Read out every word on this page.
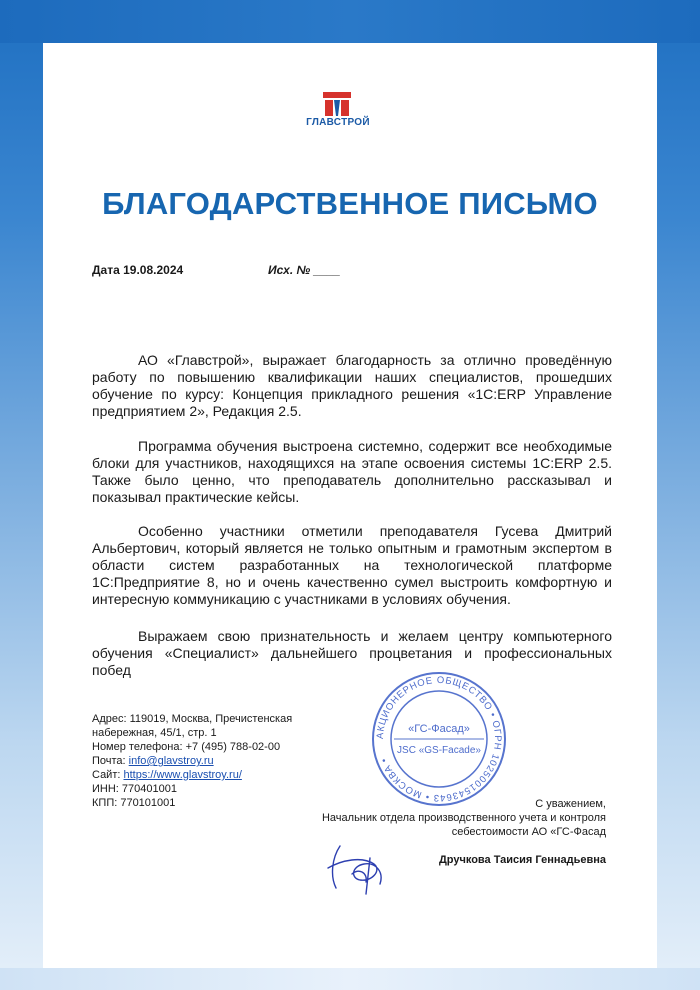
ГЛАВСТРОЙ
БЛАГОДАРСТВЕННОЕ ПИСЬМО
Дата 19.08.2024	Исх. № ____
АО «Главстрой», выражает благодарность за отлично проведённую работу по повышению квалификации наших специалистов, прошедших обучение по курсу: Концепция прикладного решения «1С:ERP Управление предприятием 2», Редакция 2.5.
Программа обучения выстроена системно, содержит все необходимые блоки для участников, находящихся на этапе освоения системы 1С:ERP 2.5. Также было ценно, что преподаватель дополнительно рассказывал и показывал практические кейсы.
Особенно участники отметили преподавателя Гусева Дмитрий Альбертович, который является не только опытным и грамотным экспертом в области систем разработанных на технологической платформе 1С:Предприятие 8, но и очень качественно сумел выстроить комфортную и интересную коммуникацию с участниками в условиях обучения.
Выражаем свою признательность и желаем центру компьютерного обучения «Специалист» дальнейшего процветания и профессиональных побед
Адрес: 119019, Москва, Пречистенская
набережная, 45/1, стр. 1
Номер телефона: +7 (495) 788-02-00
Почта: info@glavstroy.ru
Сайт: https://www.glavstroy.ru/
ИНН: 770401001
КПП: 770101001
АКЦИОНЕРНОЕ ОБЩЕСТВО • ОГРН 1025001543643 • МОСКВА •
«ГС-Фасад»
JSC «GS-Facade»
С уважением,
Начальник отдела производственного учета и контроля
себестоимости АО «ГС-Фасад
Дручкова Таисия Геннадьевна
